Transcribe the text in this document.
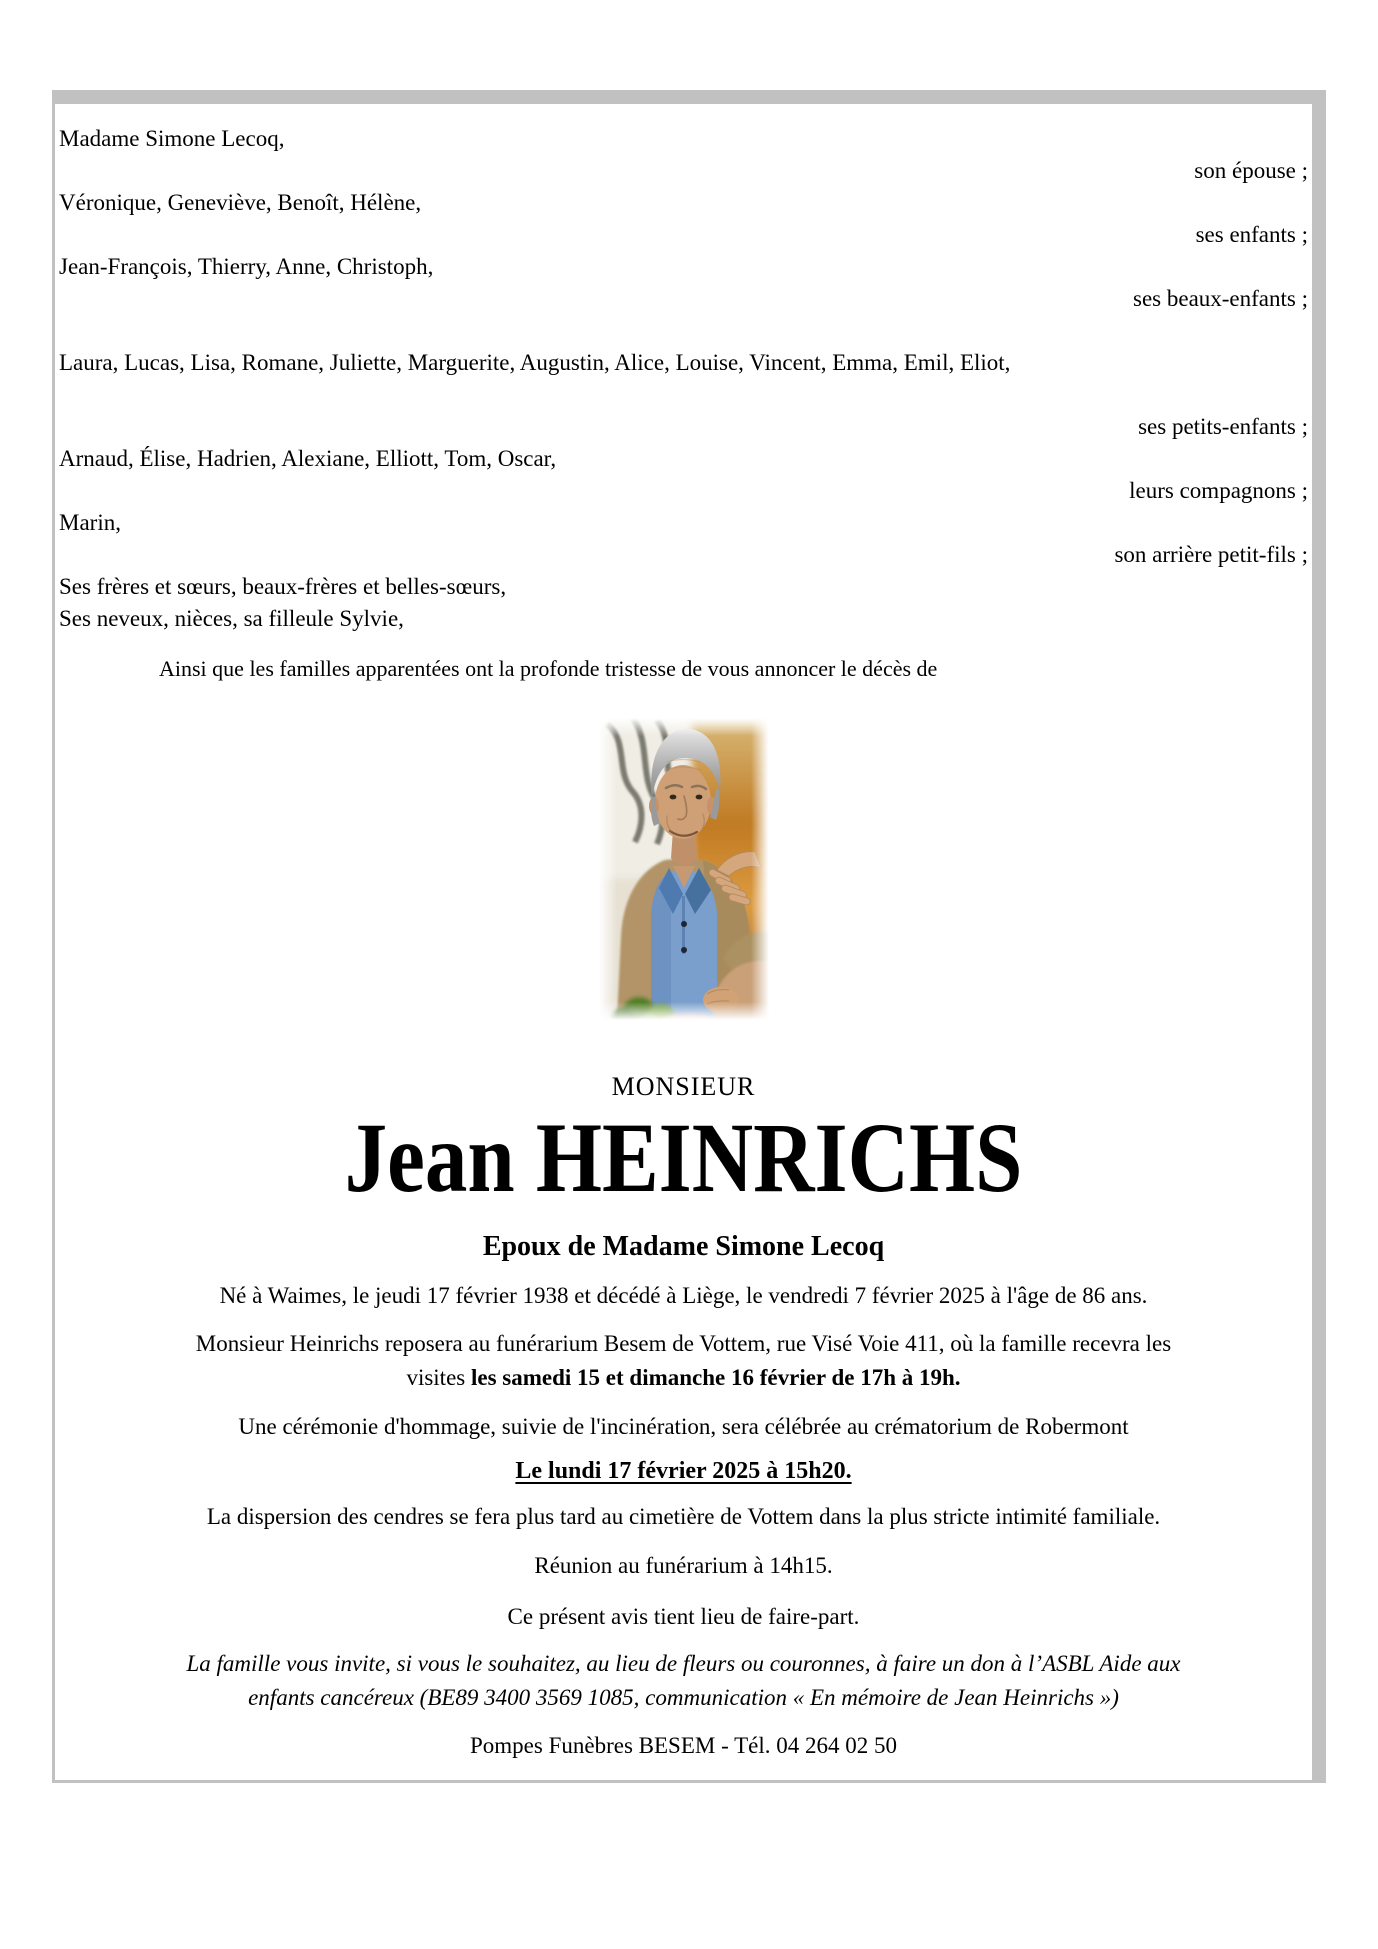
Madame Simone Lecoq,
son épouse ;
Véronique, Geneviève, Benoît, Hélène,
ses enfants ;
Jean-François, Thierry, Anne, Christoph,
ses beaux-enfants ;
Laura, Lucas, Lisa, Romane, Juliette, Marguerite, Augustin, Alice, Louise, Vincent, Emma, Emil, Eliot,
ses petits-enfants ;
Arnaud, Élise, Hadrien, Alexiane, Elliott, Tom, Oscar,
leurs compagnons ;
Marin,
son arrière petit-fils ;
Ses frères et sœurs, beaux-frères et belles-sœurs,
Ses neveux, nièces, sa filleule Sylvie,
Ainsi que les familles apparentées ont la profonde tristesse de vous annoncer le décès de
MONSIEUR
Jean HEINRICHS
Epoux de Madame Simone Lecoq
Né à Waimes, le jeudi 17 février 1938 et décédé à Liège, le vendredi 7 février 2025 à l'âge de 86 ans.
Monsieur Heinrichs reposera au funérarium Besem de Vottem, rue Visé Voie 411, où la famille recevra les
visites les samedi 15 et dimanche 16 février de 17h à 19h.
Une cérémonie d'hommage, suivie de l'incinération, sera célébrée au crématorium de Robermont
Le lundi 17 février 2025 à 15h20.
La dispersion des cendres se fera plus tard au cimetière de Vottem dans la plus stricte intimité familiale.
Réunion au funérarium à 14h15.
Ce présent avis tient lieu de faire-part.
La famille vous invite, si vous le souhaitez, au lieu de fleurs ou couronnes, à faire un don à l’ASBL Aide aux
enfants cancéreux (BE89 3400 3569 1085, communication « En mémoire de Jean Heinrichs »)
Pompes Funèbres BESEM - Tél. 04 264 02 50
